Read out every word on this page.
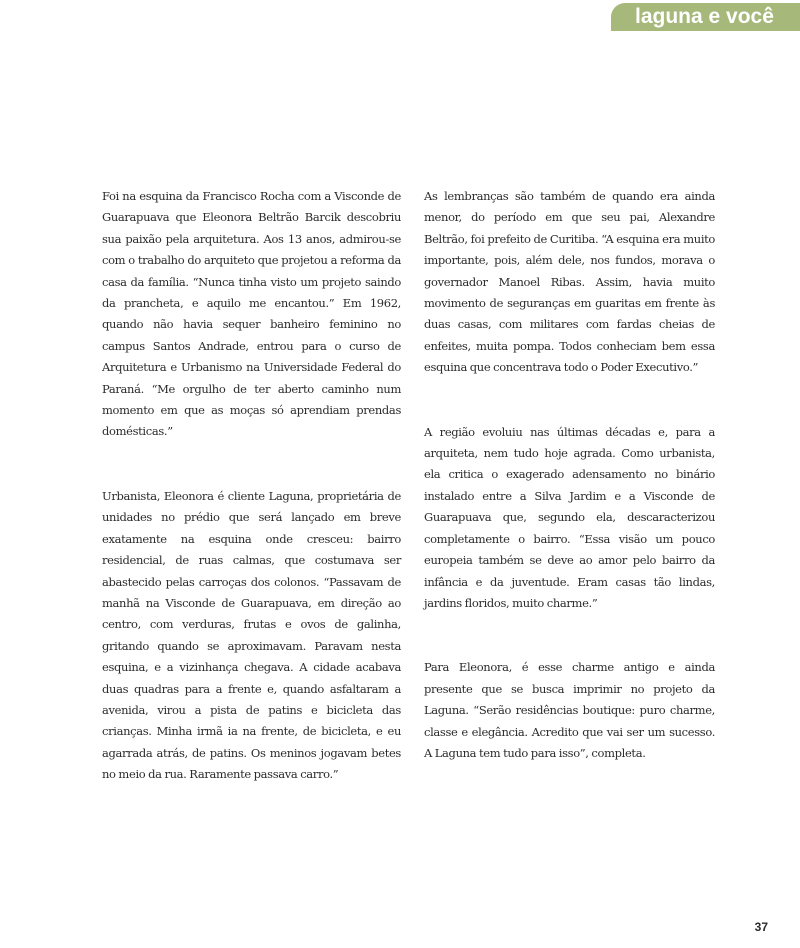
laguna e você

Foi na esquina da Francisco Rocha com a Visconde de Guarapuava que Eleonora Beltrão Barcik descobriu sua paixão pela arquitetura. Aos 13 anos, admirou-se com o trabalho do arquiteto que projetou a reforma da casa da família. “Nunca tinha visto um projeto saindo da prancheta, e aquilo me encantou.” Em 1962, quando não havia sequer banheiro feminino no campus Santos Andrade, entrou para o curso de Arquitetura e Urbanismo na Universidade Federal do Paraná. “Me orgulho de ter aberto caminho num momento em que as moças só aprendiam prendas domésticas.”

Urbanista, Eleonora é cliente Laguna, proprietária de unidades no prédio que será lançado em breve exatamente na esquina onde cresceu: bairro residencial, de ruas calmas, que costumava ser abastecido pelas carroças dos colonos. “Passavam de manhã na Visconde de Guarapuava, em direção ao centro, com verduras, frutas e ovos de galinha, gritando quando se aproximavam. Paravam nesta esquina, e a vizinhança chegava. A cidade acabava duas quadras para a frente e, quando asfaltaram a avenida, virou a pista de patins e bicicleta das crianças. Minha irmã ia na frente, de bicicleta, e eu agarrada atrás, de patins. Os meninos jogavam betes no meio da rua. Raramente passava carro.”

As lembranças são também de quando era ainda menor, do período em que seu pai, Alexandre Beltrão, foi prefeito de Curitiba. “A esquina era muito importante, pois, além dele, nos fundos, morava o governador Manoel Ribas. Assim, havia muito movimento de seguranças em guaritas em frente às duas casas, com militares com fardas cheias de enfeites, muita pompa. Todos conheciam bem essa esquina que concentrava todo o Poder Executivo.”

A região evoluiu nas últimas décadas e, para a arquiteta, nem tudo hoje agrada. Como urbanista, ela critica o exagerado adensamento no binário instalado entre a Silva Jardim e a Visconde de Guarapuava que, segundo ela, descaracterizou completamente o bairro. “Essa visão um pouco europeia também se deve ao amor pelo bairro da infância e da juventude. Eram casas tão lindas, jardins floridos, muito charme.”

Para Eleonora, é esse charme antigo e ainda presente que se busca imprimir no projeto da Laguna. “Serão residências boutique: puro charme, classe e elegância. Acredito que vai ser um sucesso. A Laguna tem tudo para isso”, completa.

37
